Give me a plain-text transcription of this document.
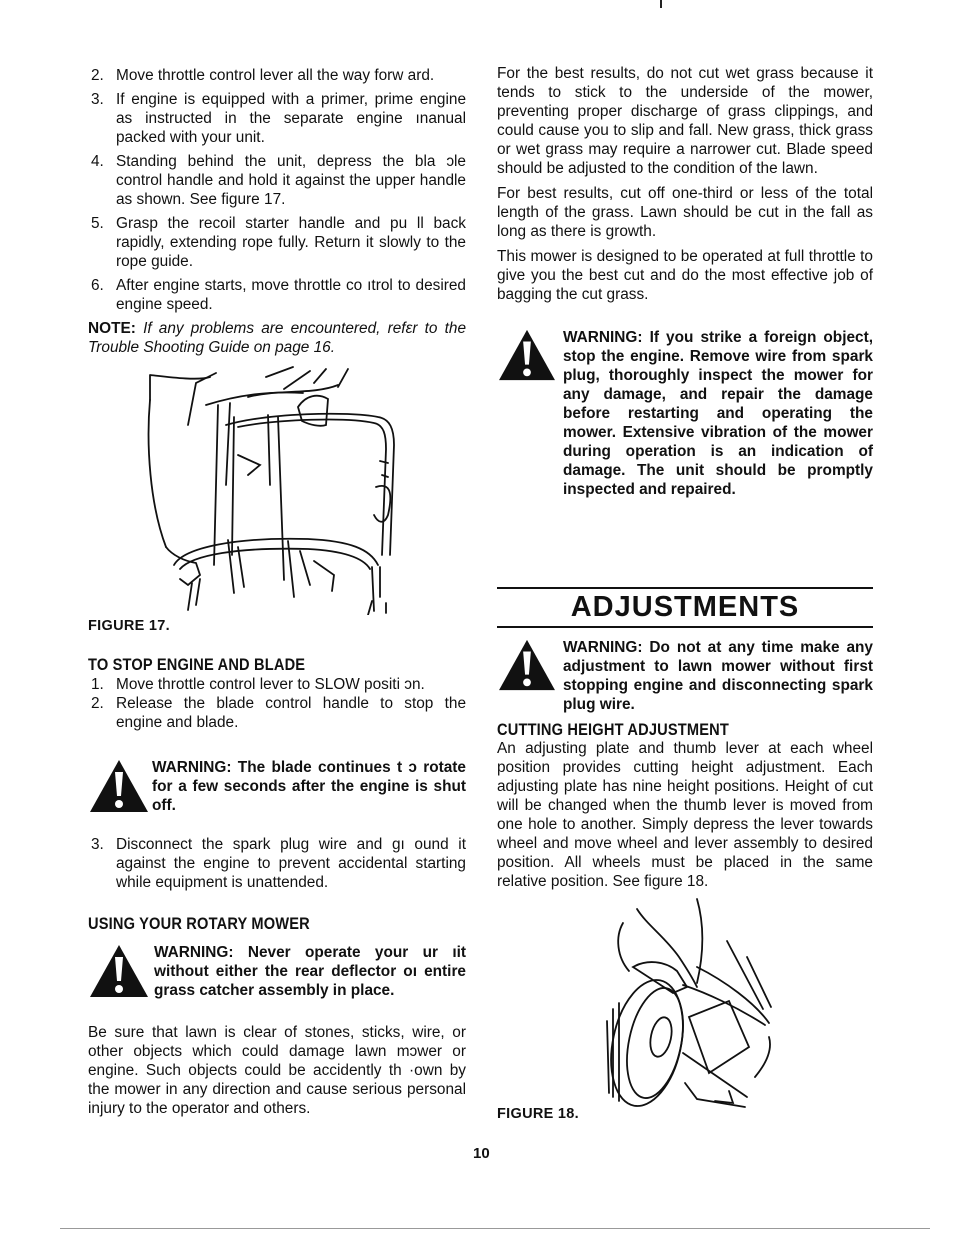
2. Move throttle control lever all the way forw ard.
3. If engine is equipped with a primer, prime engine as instructed in the separate engine ınanual packed with your unit.
4. Standing behind the unit, depress the bla ɔle control handle and hold it against the upper handle as shown. See figure 17.
5. Grasp the recoil starter handle and pu ll back rapidly, extending rope fully. Return it slowly to the rope guide.
6. After engine starts, move throttle co ıtrol to desired engine speed.

NOTE: If any problems are encountered, refεr to the Trouble Shooting Guide on page 16.

FIGURE 17.
TO STOP ENGINE AND BLADE
1. Move throttle control lever to SLOW positi ɔn.
2. Release the blade control handle to stop the engine and blade.
WARNING: The blade continues t ɔ rotate for a few seconds after the engine is shut off.
3. Disconnect the spark plug wire and gı ound it against the engine to prevent accidental starting while equipment is unattended.
USING YOUR ROTARY MOWER
WARNING: Never operate your ur ıit without either the rear deflector oı entire grass catcher assembly in place.

Be sure that lawn is clear of stones, sticks, wire, or other objects which could damage lawn mɔwer or engine. Such objects could be accidently th ·own by the mower in any direction and cause serious personal injury to the operator and others.

For the best results, do not cut wet grass because it tends to stick to the underside of the mower, preventing proper discharge of grass clippings, and could cause you to slip and fall. New grass, thick grass or wet grass may require a narrower cut. Blade speed should be adjusted to the condition of the lawn.

For best results, cut off one-third or less of the total length of the grass. Lawn should be cut in the fall as long as there is growth.

This mower is designed to be operated at full throttle to give you the best cut and do the most effective job of bagging the cut grass.

WARNING: If you strike a foreign object, stop the engine. Remove wire from spark plug, thoroughly inspect the mower for any damage, and repair the damage before restarting and operating the mower. Extensive vibration of the mower during operation is an indication of damage. The unit should be promptly inspected and repaired.
ADJUSTMENTS
WARNING: Do not at any time make any adjustment to lawn mower without first stopping engine and disconnecting spark plug wire.
CUTTING HEIGHT ADJUSTMENT

An adjusting plate and thumb lever at each wheel position provides cutting height adjustment. Each adjusting plate has nine height positions. Height of cut will be changed when the thumb lever is moved from one hole to another. Simply depress the lever towards wheel and move wheel and lever assembly to desired position. All wheels must be placed in the same relative position. See figure 18.

FIGURE 18.
10
